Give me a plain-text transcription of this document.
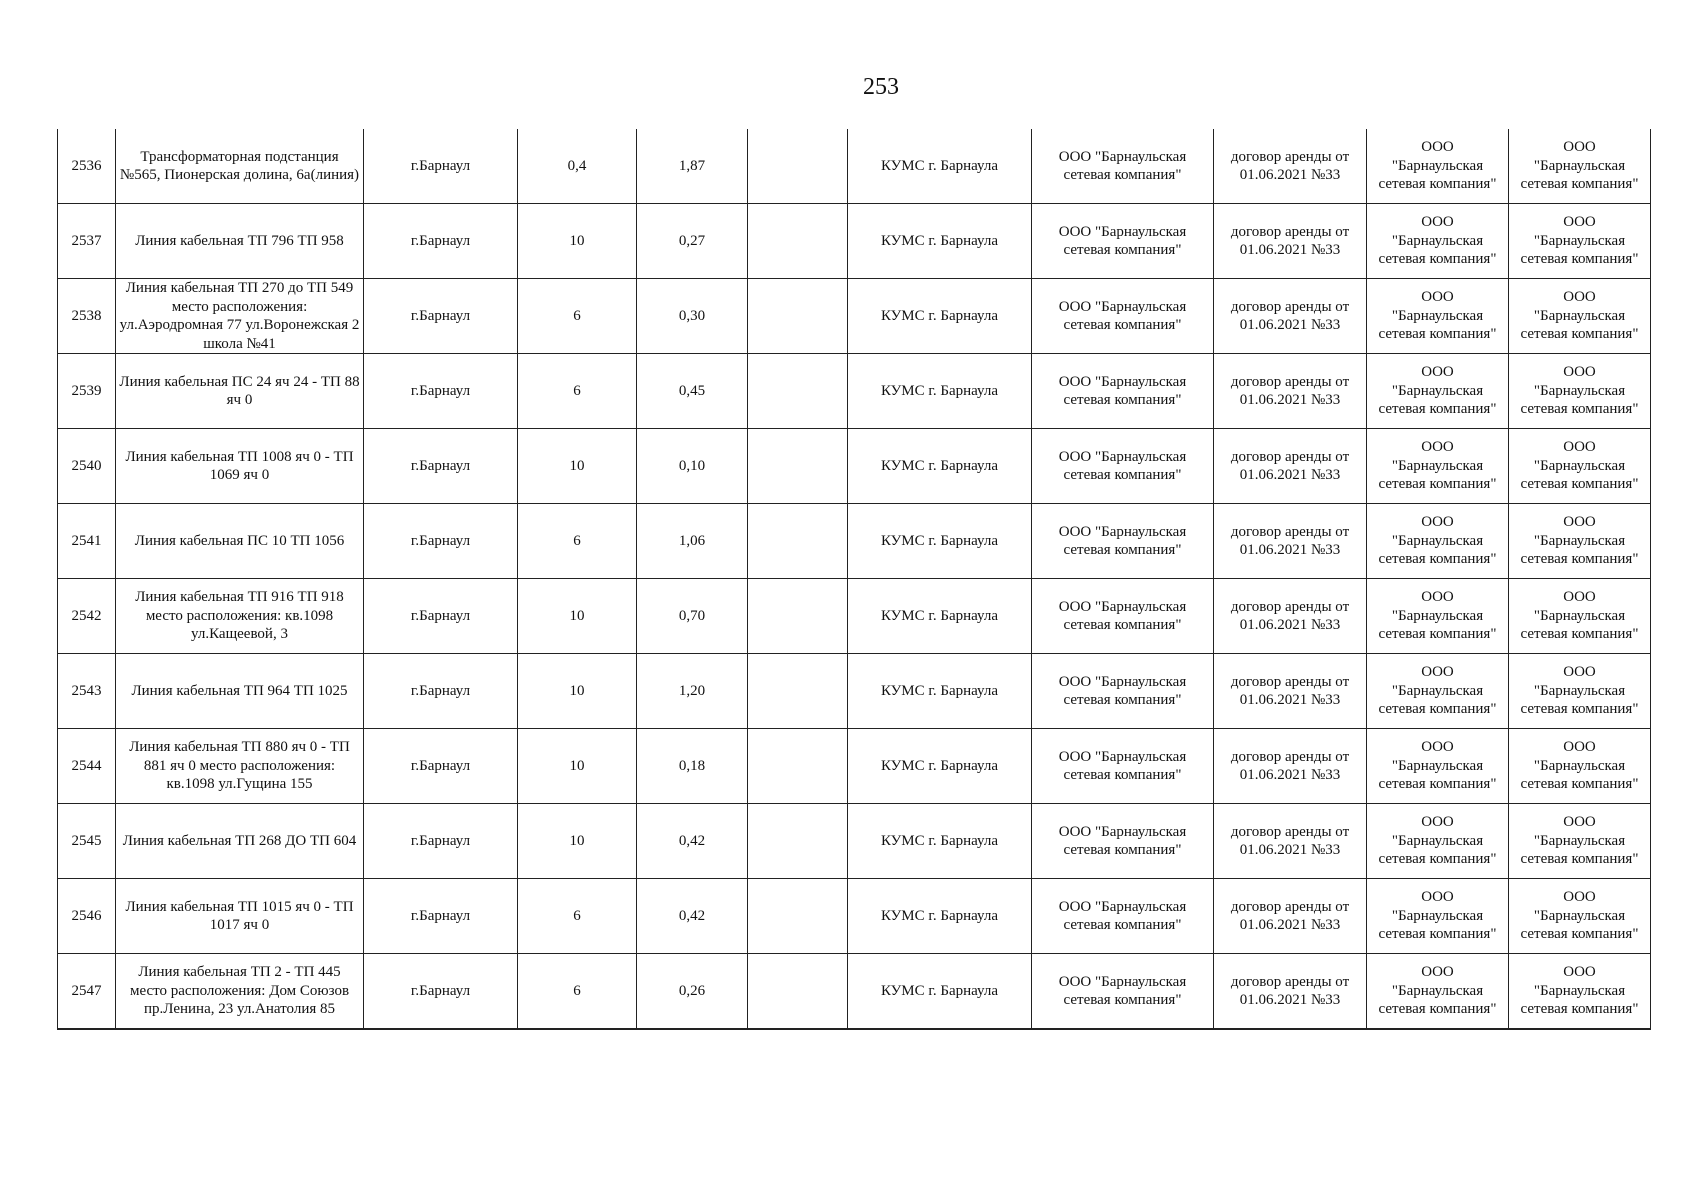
253
2536	Трансформаторная подстанция №565, Пионерская долина, 6а(линия)	г.Барнаул	0,4	1,87		КУМС г. Барнаула	ООО "Барнаульская сетевая компания"	договор аренды от 01.06.2021 №33	ООО "Барнаульская сетевая компания"	ООО "Барнаульская сетевая компания"
2537	Линия кабельная ТП 796 ТП 958	г.Барнаул	10	0,27		КУМС г. Барнаула	ООО "Барнаульская сетевая компания"	договор аренды от 01.06.2021 №33	ООО "Барнаульская сетевая компания"	ООО "Барнаульская сетевая компания"
2538	Линия кабельная ТП 270 до ТП 549 место расположения: ул.Аэродромная 77 ул.Воронежская 2 школа №41	г.Барнаул	6	0,30		КУМС г. Барнаула	ООО "Барнаульская сетевая компания"	договор аренды от 01.06.2021 №33	ООО "Барнаульская сетевая компания"	ООО "Барнаульская сетевая компания"
2539	Линия кабельная ПС 24 яч 24 - ТП 88 яч 0	г.Барнаул	6	0,45		КУМС г. Барнаула	ООО "Барнаульская сетевая компания"	договор аренды от 01.06.2021 №33	ООО "Барнаульская сетевая компания"	ООО "Барнаульская сетевая компания"
2540	Линия кабельная ТП 1008 яч 0 - ТП 1069 яч 0	г.Барнаул	10	0,10		КУМС г. Барнаула	ООО "Барнаульская сетевая компания"	договор аренды от 01.06.2021 №33	ООО "Барнаульская сетевая компания"	ООО "Барнаульская сетевая компания"
2541	Линия кабельная ПС 10 ТП 1056	г.Барнаул	6	1,06		КУМС г. Барнаула	ООО "Барнаульская сетевая компания"	договор аренды от 01.06.2021 №33	ООО "Барнаульская сетевая компания"	ООО "Барнаульская сетевая компания"
2542	Линия кабельная ТП 916 ТП 918 место расположения: кв.1098 ул.Кащеевой, 3	г.Барнаул	10	0,70		КУМС г. Барнаула	ООО "Барнаульская сетевая компания"	договор аренды от 01.06.2021 №33	ООО "Барнаульская сетевая компания"	ООО "Барнаульская сетевая компания"
2543	Линия кабельная ТП 964 ТП 1025	г.Барнаул	10	1,20		КУМС г. Барнаула	ООО "Барнаульская сетевая компания"	договор аренды от 01.06.2021 №33	ООО "Барнаульская сетевая компания"	ООО "Барнаульская сетевая компания"
2544	Линия кабельная ТП 880 яч 0 - ТП 881 яч 0 место расположения: кв.1098 ул.Гущина 155	г.Барнаул	10	0,18		КУМС г. Барнаула	ООО "Барнаульская сетевая компания"	договор аренды от 01.06.2021 №33	ООО "Барнаульская сетевая компания"	ООО "Барнаульская сетевая компания"
2545	Линия кабельная ТП 268 ДО ТП 604	г.Барнаул	10	0,42		КУМС г. Барнаула	ООО "Барнаульская сетевая компания"	договор аренды от 01.06.2021 №33	ООО "Барнаульская сетевая компания"	ООО "Барнаульская сетевая компания"
2546	Линия кабельная ТП 1015 яч 0 - ТП 1017 яч 0	г.Барнаул	6	0,42		КУМС г. Барнаула	ООО "Барнаульская сетевая компания"	договор аренды от 01.06.2021 №33	ООО "Барнаульская сетевая компания"	ООО "Барнаульская сетевая компания"
2547	Линия кабельная ТП 2 - ТП 445 место расположения: Дом Союзов пр.Ленина, 23 ул.Анатолия 85	г.Барнаул	6	0,26		КУМС г. Барнаула	ООО "Барнаульская сетевая компания"	договор аренды от 01.06.2021 №33	ООО "Барнаульская сетевая компания"	ООО "Барнаульская сетевая компания"
